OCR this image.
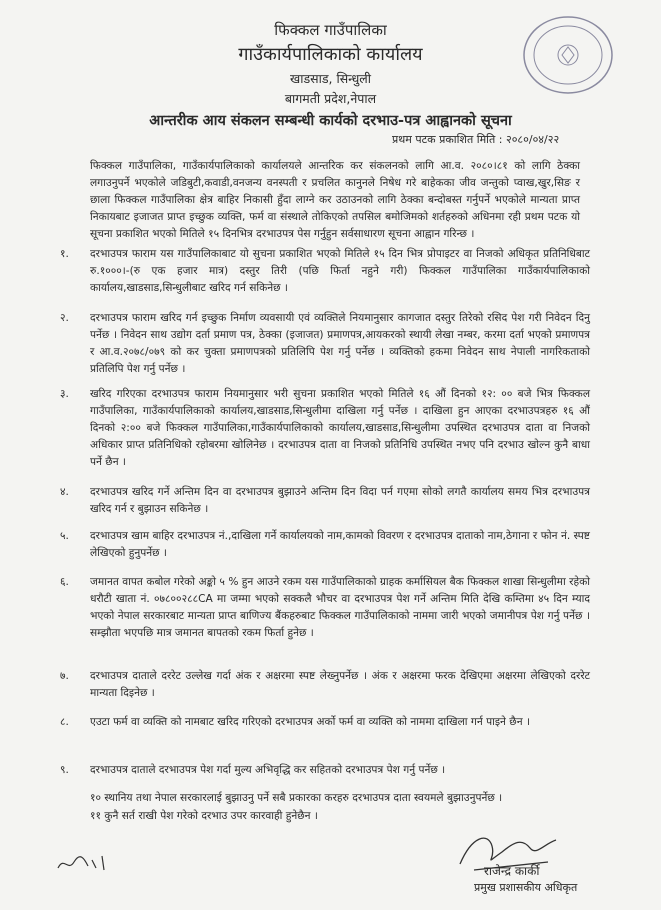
फिक्कल गाउँपालिका
गाउँकार्यपालिकाको कार्यालय
खाडसाड, सिन्धुली
बागमती प्रदेश,नेपाल
आन्तरीक आय संकलन सम्बन्धी कार्यको दरभाउ-पत्र आह्वानको सूचना
प्रथम पटक प्रकाशित मिति : २०८०/०४/२२
फिक्कल गाउँपालिका, गाउँकार्यपालिकाको कार्यालयले आन्तरिक कर संकलनको लागि आ.व. २०८०।८१ को लागि ठेक्का लगाउनुपर्ने भएकोले जडिबुटी,कवाडी,वनजन्य वनस्पती र प्रचलित कानुनले निषेध गरे बाहेकका जीव जन्तुको प्वाख,खुर,सिङ र छाला फिक्कल गाउँपालिका क्षेत्र बाहिर निकासी हुँदा लाग्ने कर उठाउनको लागि ठेक्का बन्दोबस्त गर्नुपर्ने भएकोले मान्यता प्राप्त निकायबाट इजाजत प्राप्त इच्छुक व्यक्ति, फर्म वा संस्थाले तोकिएको तपसिल बमोजिमको शर्तहरुको अधिनमा रही प्रथम पटक यो सूचना प्रकाशित भएको मितिले १५ दिनभित्र दरभाउपत्र पेस गर्नुहुन सर्वसाधारण सूचना आह्वान गरिन्छ ।
१.	दरभाउपत्र फाराम यस गाउँपालिकाबाट यो सुचना प्रकाशित भएको मितिले १५ दिन भित्र प्रोपाइटर वा निजको अधिकृत प्रतिनिधिबाट रु.१०००।-(रु एक हजार मात्र) दस्तुर तिरी (पछि फिर्ता नहुने गरी) फिक्कल गाउँपालिका गाउँकार्यपालिकाको कार्यालय,खाडसाड,सिन्धुलीबाट खरिद गर्न सकिनेछ ।
२.	दरभाउपत्र फाराम खरिद गर्न इच्छुक निर्माण व्यवसायी एवं व्यक्तिले नियमानुसार कागजात दस्तुर तिरेको रसिद पेश गरी निवेदन दिनु पर्नेछ । निवेदन साथ उद्योग दर्ता प्रमाण पत्र, ठेक्का (इजाजत) प्रमाणपत्र,आयकरको स्थायी लेखा नम्बर, करमा दर्ता भएको प्रमाणपत्र र आ.व.२०७८/०७९ को कर चुक्ता प्रमाणपत्रको प्रतिलिपि पेश गर्नु पर्नेछ । व्यक्तिको हकमा निवेदन साथ नेपाली नागरिकताको प्रतिलिपि पेश गर्नु पर्नेछ ।
३.	खरिद गरिएका दरभाउपत्र फाराम नियमानुसार भरी सुचना प्रकाशित भएको मितिले १६ औं दिनको १२: ०० बजे भित्र फिक्कल गाउँपालिका, गाउँकार्यपालिकाको कार्यालय,खाडसाड,सिन्धुलीमा दाखिला गर्नु पर्नेछ । दाखिला हुन आएका दरभाउपत्रहरु १६ औं दिनको २:०० बजे फिक्कल गाउँपालिका,गाउँकार्यपालिकाको कार्यालय,खाडसाड,सिन्धुलीमा उपस्थित दरभाउपत्र दाता वा निजको अधिकार प्राप्त प्रतिनिधिको रहोबरमा खोलिनेछ । दरभाउपत्र दाता वा निजको प्रतिनिधि उपस्थित नभए पनि दरभाउ खोल्न कुनै बाधा पर्ने छैन ।
४.	दरभाउपत्र खरिद गर्ने अन्तिम दिन वा दरभाउपत्र बुझाउने अन्तिम दिन विदा पर्न गएमा सोको लगतै कार्यालय समय भित्र दरभाउपत्र खरिद गर्न र बुझाउन सकिनेछ ।
५.	दरभाउपत्र खाम बाहिर दरभाउपत्र नं.,दाखिला गर्ने कार्यालयको नाम,कामको विवरण र दरभाउपत्र दाताको नाम,ठेगाना र फोन नं. स्पष्ट लेखिएको हुनुपर्नेछ ।
६.	जमानत वापत कबोल गरेको अङ्को ५ % हुन आउने रकम यस गाउँपालिकाको ग्राहक कर्मासियल बैक फिक्कल शाखा सिन्धुलीमा रहेको धरौटी खाता नं. ०७८००२८८CA मा जम्मा भएको सक्कलै भौचर वा दरभाउपत्र पेश गर्ने अन्तिम मिति देखि कम्तिमा ४५ दिन म्याद भएको नेपाल सरकारबाट मान्यता प्राप्त बाणिज्य बैंकहरुबाट फिक्कल गाउँपालिकाको नाममा जारी भएको जमानीपत्र पेश गर्नु पर्नेछ । सम्झौता भएपछि मात्र जमानत बापतको रकम फिर्ता हुनेछ ।
७.	दरभाउपत्र दाताले दररेट उल्लेख गर्दा अंक र अक्षरमा स्पष्ट लेख्नुपर्नेछ । अंक र अक्षरमा फरक देखिएमा अक्षरमा लेखिएको दररेट मान्यता दिइनेछ ।
८.	एउटा फर्म वा व्यक्ति को नामबाट खरिद गरिएको दरभाउपत्र अर्को फर्म वा व्यक्ति को नाममा दाखिला गर्न पाइने छैन ।
९.	दरभाउपत्र दाताले दरभाउपत्र पेश गर्दा मुल्य अभिवृद्धि कर सहितको दरभाउपत्र पेश गर्नु पर्नेछ ।
१० स्थानिय तथा नेपाल सरकारलाई बुझाउनु पर्ने सबै प्रकारका करहरु दरभाउपत्र दाता स्वयमले बुझाउनुपर्नेछ ।
११ कुनै सर्त राखी पेश गरेको दरभाउ उपर कारवाही हुनेछैन ।
राजेन्द्र कार्की
प्रमुख प्रशासकीय अधिकृत
